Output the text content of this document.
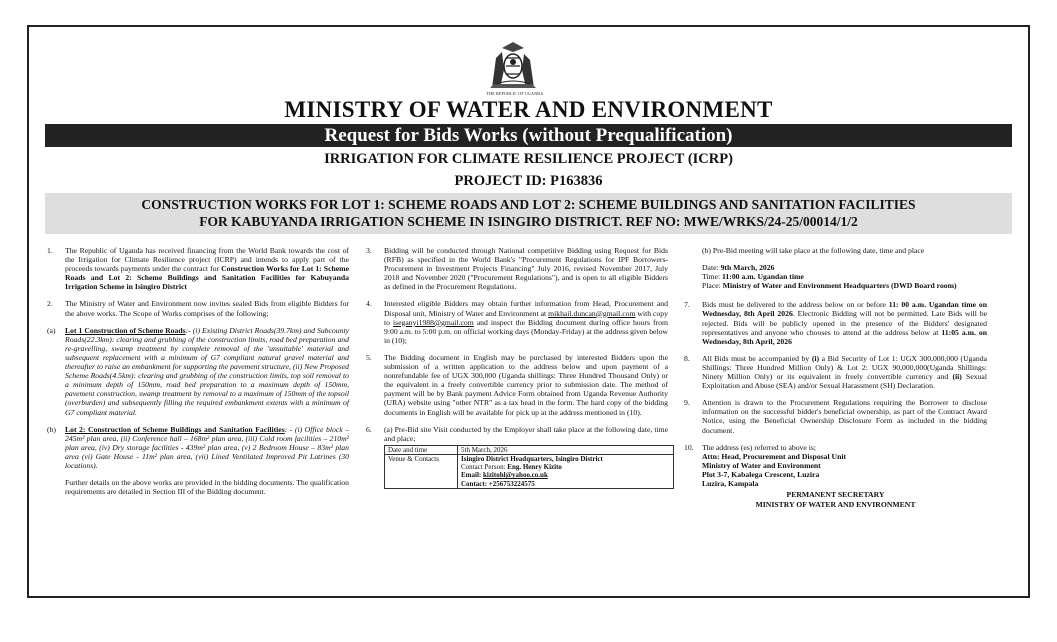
THE REPUBLIC OF UGANDA
MINISTRY OF WATER AND ENVIRONMENT
Request for Bids Works (without Prequalification)
IRRIGATION FOR CLIMATE RESILIENCE PROJECT (ICRP)
PROJECT ID: P163836
CONSTRUCTION WORKS FOR LOT 1: SCHEME ROADS AND LOT 2: SCHEME BUILDINGS AND SANITATION FACILITIES
FOR KABUYANDA IRRIGATION SCHEME IN ISINGIRO DISTRICT. REF NO: MWE/WRKS/24-25/00014/1/2
1. The Republic of Uganda has received financing from the World Bank towards the cost of the Irrigation for Climate Resilience project (ICRP) and intends to apply part of the proceeds towards payments under the contract for Construction Works for Lot 1: Scheme Roads and Lot 2: Scheme Buildings and Sanitation Facilities for Kabuyanda Irrigation Scheme in Isingiro District
2. The Ministry of Water and Environment now invites sealed Bids from eligible Bidders for the above works. The Scope of Works comprises of the following;
(a) Lot 1 Construction of Scheme Roads:- (i) Existing District Roads(39.7km) and Subcounty Roads(22.3km): clearing and grubbing of the construction limits, road bed preparation and re-gravelling, swamp treatment by complete removal of the 'unsuitable' material and subsequent replacement with a minimum of G7 compliant natural gravel material and thereafter to raise an embankment for supporting the pavement structure, (ii) New Proposed Scheme Roads(4.5km): clearing and grubbing of the construction limits, top soil removal to a minimum depth of 150mm, road bed preparation to a maximum depth of 150mm, pavement construction, swamp treatment by removal to a maximum of 150mm of the topsoil (overburden) and subsequently filling the required embankment extents with a minimum of G7 compliant material.
(b) Lot 2: Construction of Scheme Buildings and Sanitation Facilities: - (i) Office block – 245m² plan area, (ii) Conference hall – 168m² plan area, (iii) Cold room facilities – 210m² plan area, (iv) Dry storage facilities - 439m² plan area, (v) 2 Bedroom House – 83m² plan area (vi) Gate House - 11m² plan area, (vii) Lined Ventilated Improved Pit Latrines (30 locations).
Further details on the above works are provided in the bidding documents. The qualification requirements are detailed in Section III of the Bidding document.
3. Bidding will be conducted through National competitive Bidding using Request for Bids (RFB) as specified in the World Bank's "Procurement Regulations for IPF Borrowers- Procurement in Investment Projects Financing" July 2016, revised November 2017, July 2018 and November 2020 ("Procurement Regulations"), and is open to all eligible Bidders as defined in the Procurement Regulations.
4. Interested eligible Bidders may obtain further information from Head, Procurement and Disposal unit, Ministry of Water and Environment at mikhail.duncan@gmail.com with copy to iseganyi1988@gmail.com and inspect the Bidding document during office hours from 9:00 a.m. to 5:00 p.m. on official working days (Monday-Friday) at the address given below in (10);
5. The Bidding document in English may be purchased by interested Bidders upon the submission of a written application to the address below and upon payment of a nonrefundable fee of UGX 300,000 (Uganda shillings: Three Hundred Thousand Only) or the equivalent in a freely convertible currency prior to submission date. The method of payment will be by Bank payment Advice Form obtained from Uganda Revenue Authority (URA) website using "other NTR" as a tax head in the form. The hard copy of the bidding documents in English will be available for pick up at the address mentioned in (10).
6. (a) Pre-Bid site Visit conducted by the Employer shall take place at the following date, time and place;
Date and time	5th March, 2026
Venue & Contacts	Isingiro District Headquarters, Isingiro District
Contact Person: Eng. Henry Kizito
Email: kizitohl@yahoo.co.uk
Contact: +256753224575
(b) Pre-Bid meeting will take place at the following date, time and place
Date: 9th March, 2026
Time: 11:00 a.m. Ugandan time
Place: Ministry of Water and Environment Headquarters (DWD Board room)
7. Bids must be delivered to the address below on or before 11: 00 a.m. Ugandan time on Wednesday, 8th April 2026. Electronic Bidding will not be permitted. Late Bids will be rejected. Bids will be publicly opened in the presence of the Bidders' designated representatives and anyone who chooses to attend at the address below at 11:05 a.m. on Wednesday, 8th April, 2026
8. All Bids must be accompanied by (i) a Bid Security of Lot 1: UGX 300,000,000 (Uganda Shillings: Three Hundred Million Only) & Lot 2: UGX 90,000,000(Uganda Shillings: Ninety Million Only) or its equivalent in freely convertible currency and (ii) Sexual Exploitation and Abuse (SEA) and/or Sexual Harassment (SH) Declaration.
9. Attention is drawn to the Procurement Regulations requiring the Borrower to disclose information on the successful bidder's beneficial ownership, as part of the Contract Award Notice, using the Beneficial Ownership Disclosure Form as included in the bidding document.
10. The address (es) referred to above is;
Attn: Head, Procurement and Disposal Unit
Ministry of Water and Environment
Plot 3-7, Kabalega Crescent, Luzira
Luzira, Kampala
PERMANENT SECRETARY
MINISTRY OF WATER AND ENVIRONMENT
